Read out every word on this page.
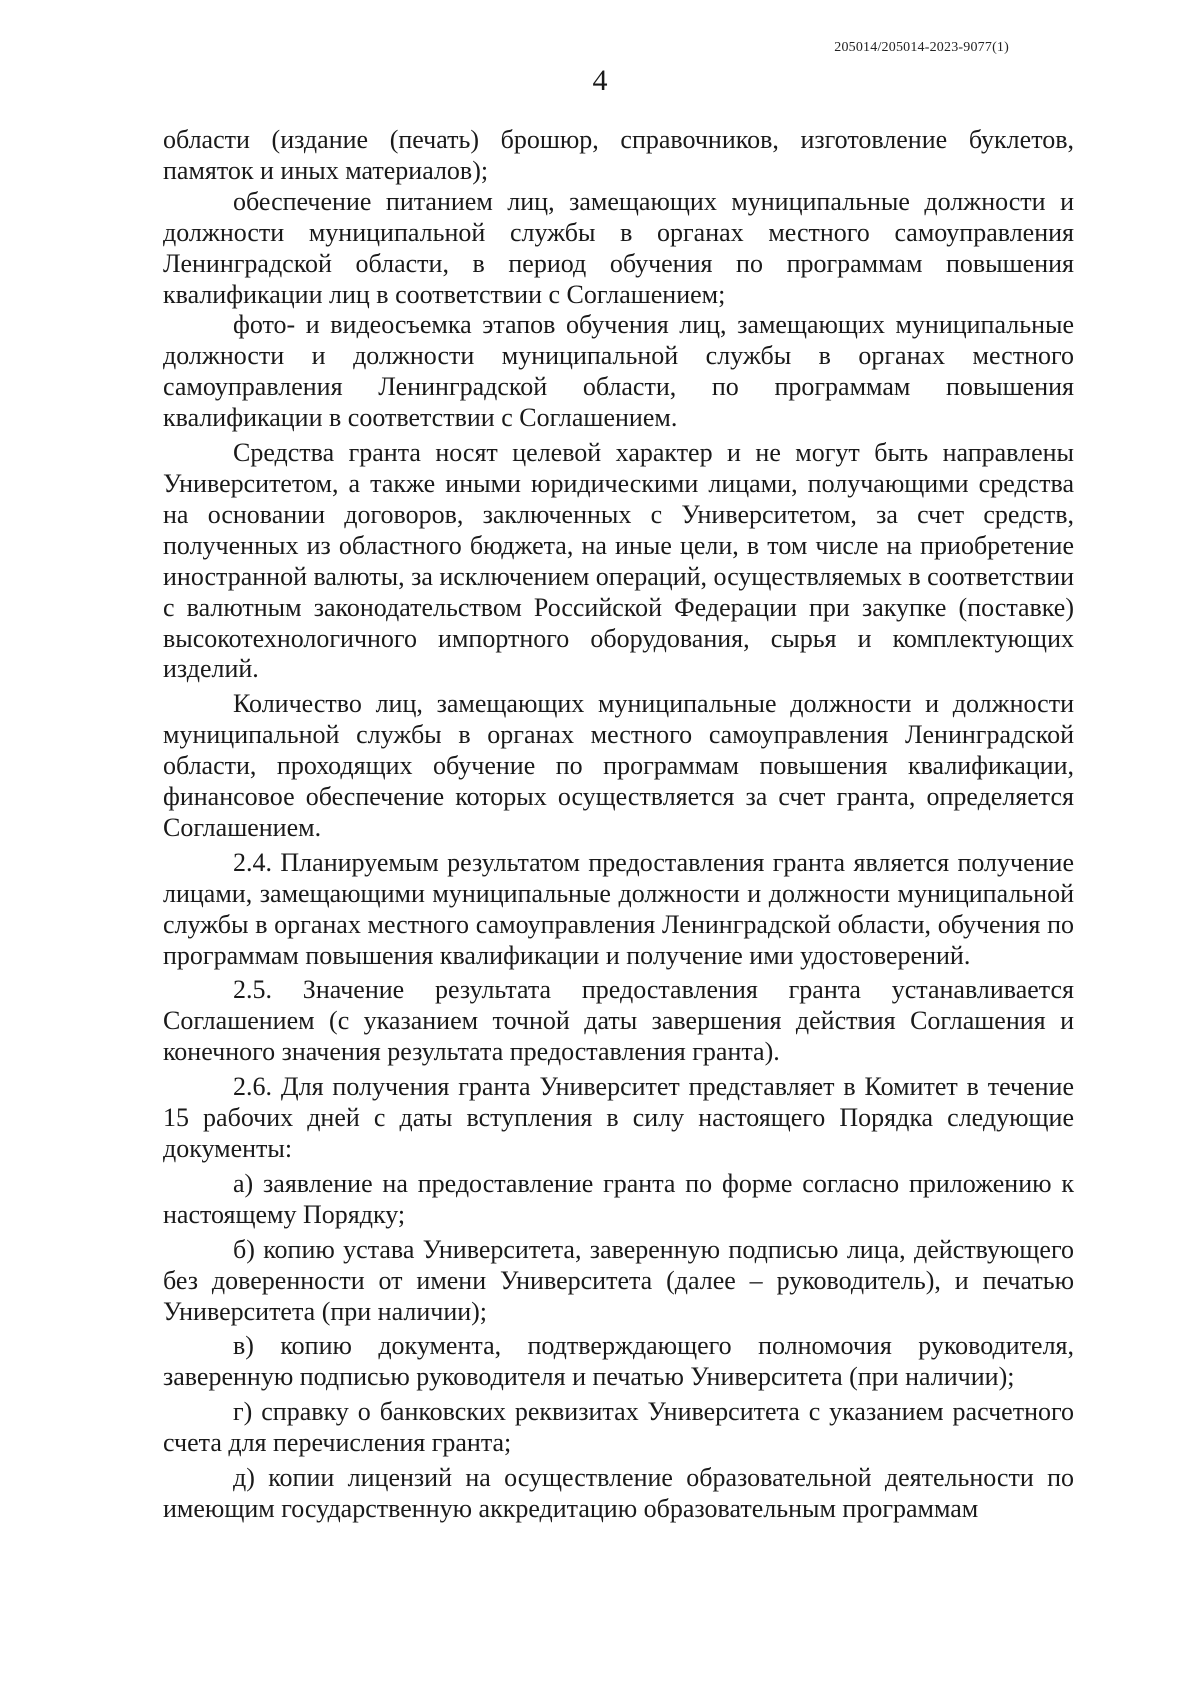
205014/205014-2023-9077(1)
4

области (издание (печать) брошюр, справочников, изготовление буклетов, памяток и иных материалов);

обеспечение питанием лиц, замещающих муниципальные должности и должности муниципальной службы в органах местного самоуправления Ленинградской области, в период обучения по программам повышения квалификации лиц в соответствии с Соглашением;

фото- и видеосъемка этапов обучения лиц, замещающих муниципальные должности и должности муниципальной службы в органах местного самоуправления Ленинградской области, по программам повышения квалификации в соответствии с Соглашением.

Средства гранта носят целевой характер и не могут быть направлены Университетом, а также иными юридическими лицами, получающими средства на основании договоров, заключенных с Университетом, за счет средств, полученных из областного бюджета, на иные цели, в том числе на приобретение иностранной валюты, за исключением операций, осуществляемых в соответствии с валютным законодательством Российской Федерации при закупке (поставке) высокотехнологичного импортного оборудования, сырья и комплектующих изделий.

Количество лиц, замещающих муниципальные должности и должности муниципальной службы в органах местного самоуправления Ленинградской области, проходящих обучение по программам повышения квалификации, финансовое обеспечение которых осуществляется за счет гранта, определяется Соглашением.

2.4. Планируемым результатом предоставления гранта является получение лицами, замещающими муниципальные должности и должности муниципальной службы в органах местного самоуправления Ленинградской области, обучения по программам повышения квалификации и получение ими удостоверений.

2.5. Значение результата предоставления гранта устанавливается Соглашением (с указанием точной даты завершения действия Соглашения и конечного значения результата предоставления гранта).

2.6. Для получения гранта Университет представляет в Комитет в течение 15 рабочих дней с даты вступления в силу настоящего Порядка следующие документы:

а) заявление на предоставление гранта по форме согласно приложению к настоящему Порядку;

б) копию устава Университета, заверенную подписью лица, действующего без доверенности от имени Университета (далее – руководитель), и печатью Университета (при наличии);

в) копию документа, подтверждающего полномочия руководителя, заверенную подписью руководителя и печатью Университета (при наличии);

г) справку о банковских реквизитах Университета с указанием расчетного счета для перечисления гранта;

д) копии лицензий на осуществление образовательной деятельности по имеющим государственную аккредитацию образовательным программам
